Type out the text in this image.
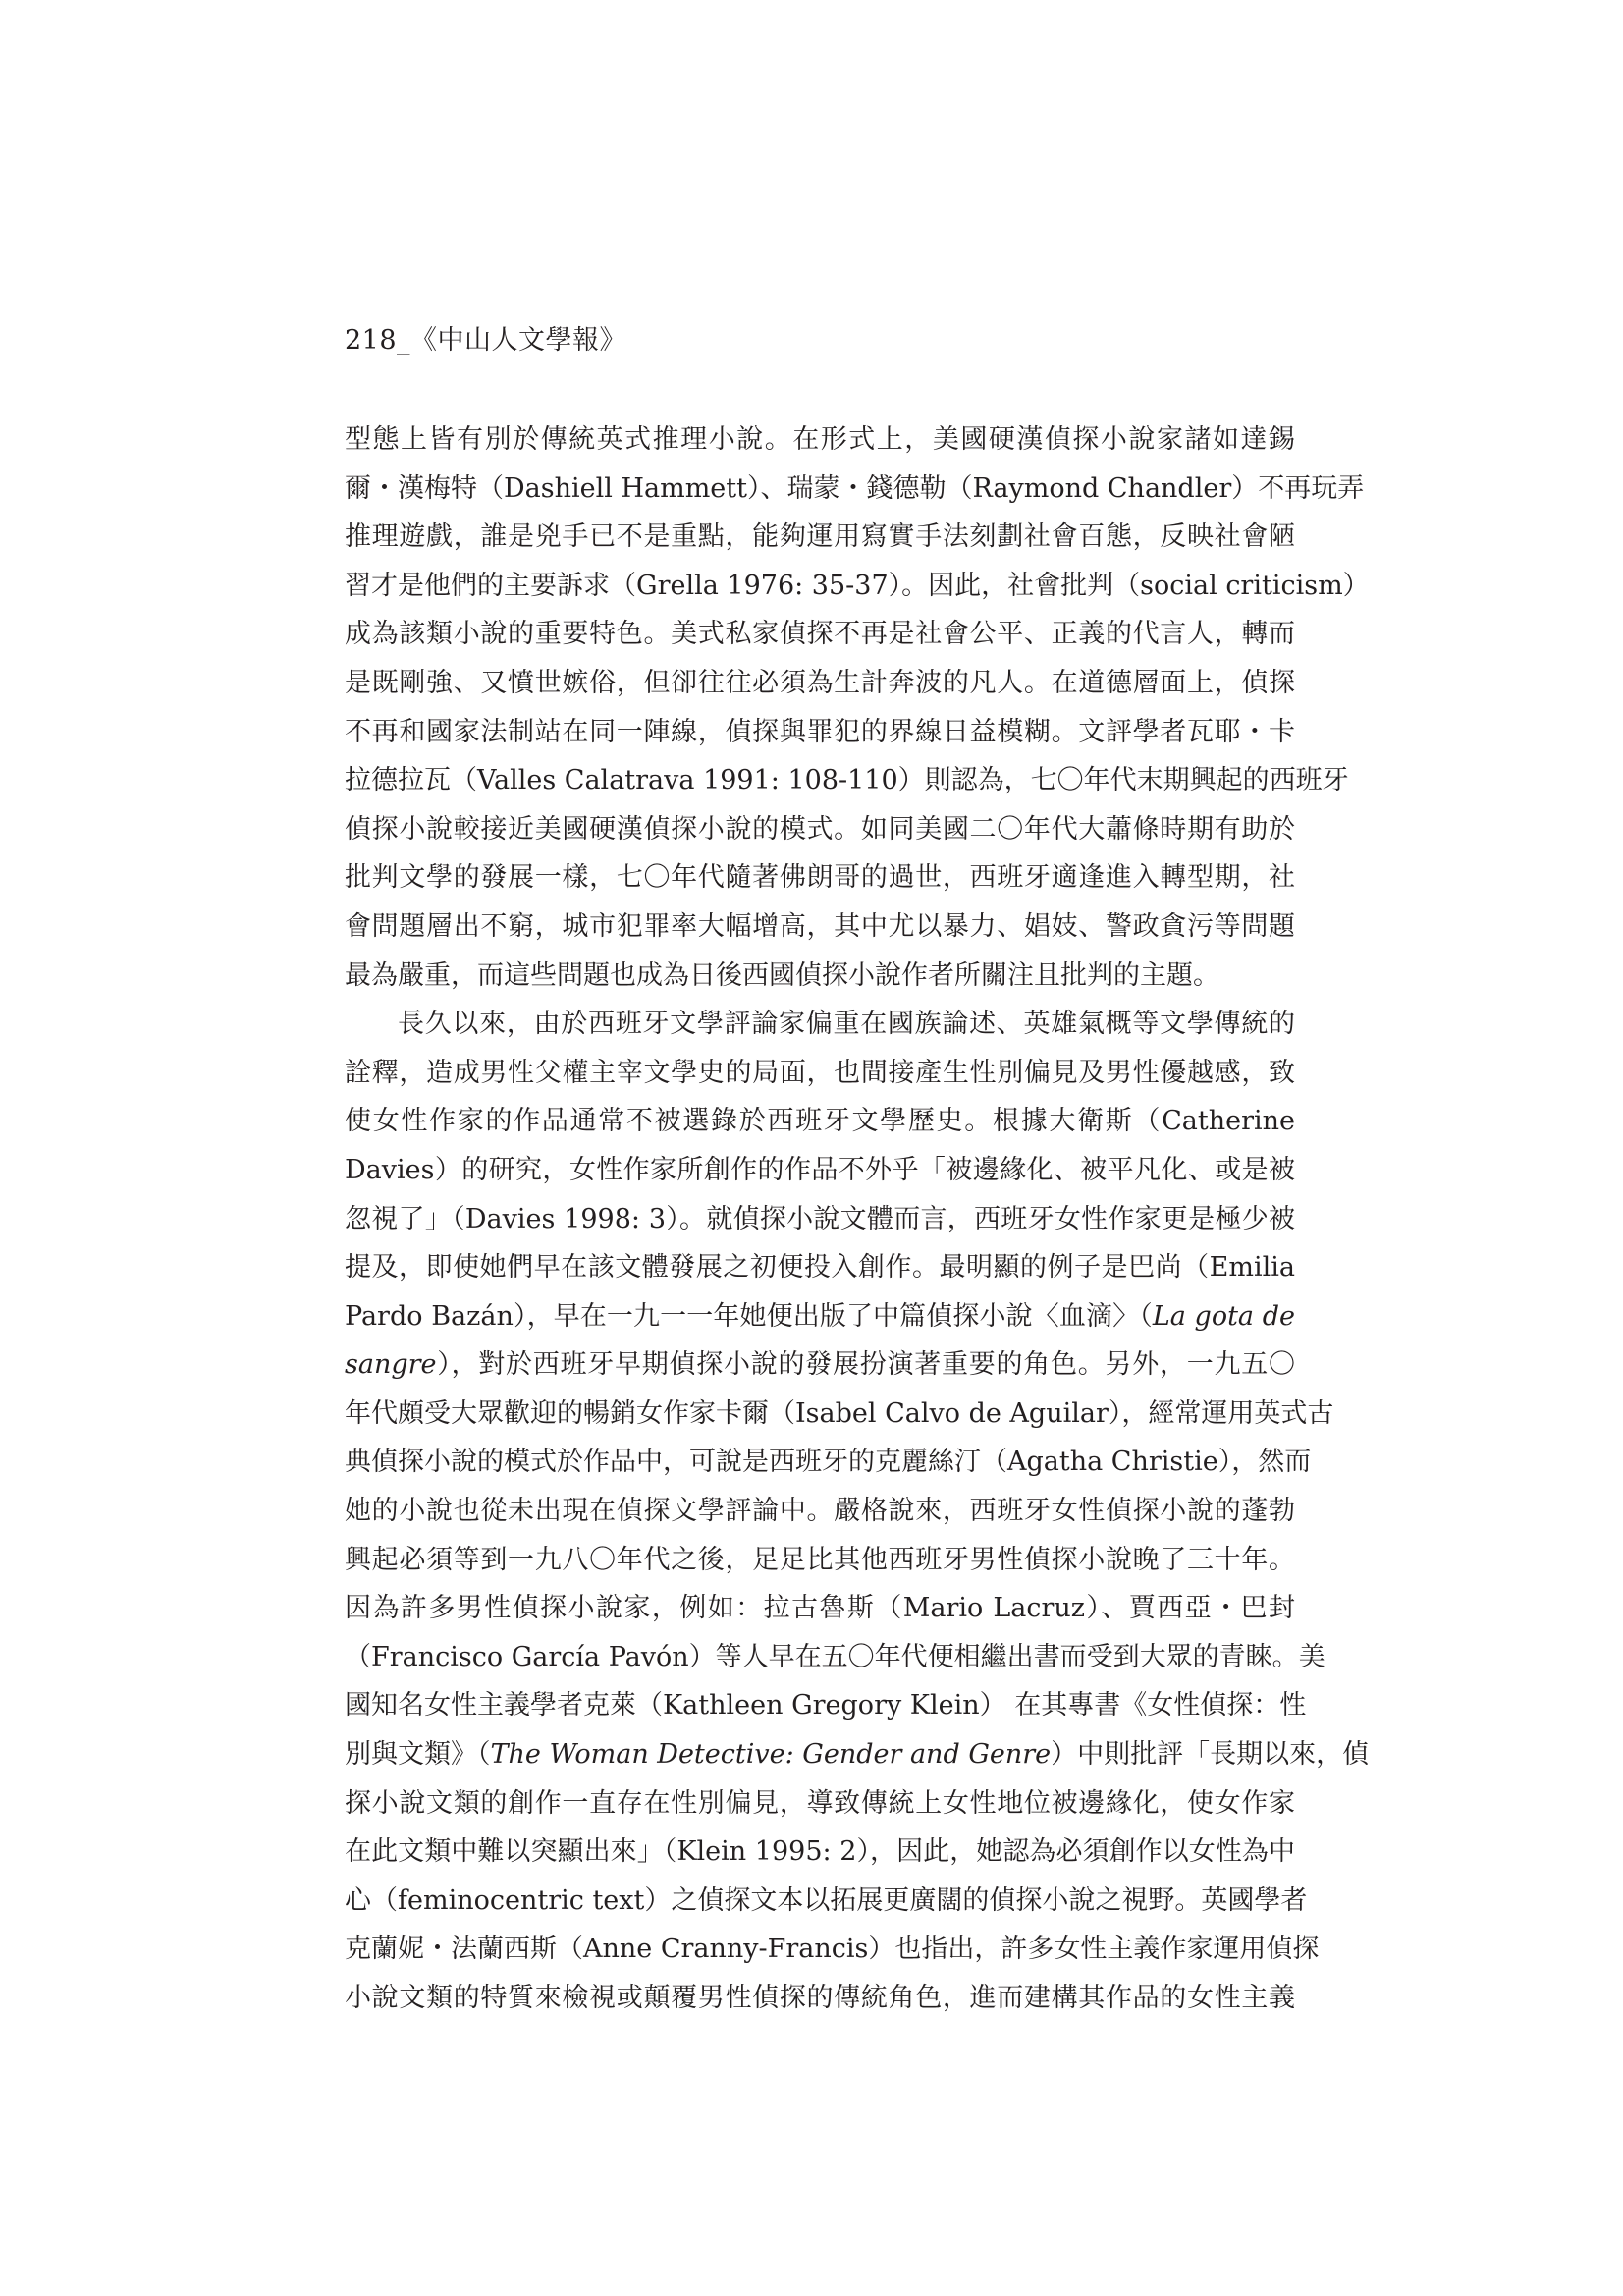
218_《中山人文學報》
型態上皆有別於傳統英式推理小說。在形式上，美國硬漢偵探小說家諸如達錫
爾・漢梅特（Dashiell Hammett）、瑞蒙・錢德勒（Raymond Chandler）不再玩弄
推理遊戲，誰是兇手已不是重點，能夠運用寫實手法刻劃社會百態，反映社會陋
習才是他們的主要訴求（Grella 1976: 35-37）。因此，社會批判（social criticism）
成為該類小說的重要特色。美式私家偵探不再是社會公平、正義的代言人，轉而
是既剛強、又憤世嫉俗，但卻往往必須為生計奔波的凡人。在道德層面上，偵探
不再和國家法制站在同一陣線，偵探與罪犯的界線日益模糊。文評學者瓦耶・卡
拉德拉瓦（Valles Calatrava 1991: 108-110）則認為，七〇年代末期興起的西班牙
偵探小說較接近美國硬漢偵探小說的模式。如同美國二〇年代大蕭條時期有助於
批判文學的發展一樣，七〇年代隨著佛朗哥的過世，西班牙適逢進入轉型期，社
會問題層出不窮，城市犯罪率大幅增高，其中尤以暴力、娼妓、警政貪污等問題
最為嚴重，而這些問題也成為日後西國偵探小說作者所關注且批判的主題。
長久以來，由於西班牙文學評論家偏重在國族論述、英雄氣概等文學傳統的
詮釋，造成男性父權主宰文學史的局面，也間接產生性別偏見及男性優越感，致
使女性作家的作品通常不被選錄於西班牙文學歷史。根據大衛斯（Catherine
Davies）的研究，女性作家所創作的作品不外乎「被邊緣化、被平凡化、或是被
忽視了」（Davies 1998: 3）。就偵探小說文體而言，西班牙女性作家更是極少被
提及，即使她們早在該文體發展之初便投入創作。最明顯的例子是巴尚（Emilia
Pardo Bazán），早在一九一一年她便出版了中篇偵探小說〈血滴〉（La gota de
sangre），對於西班牙早期偵探小說的發展扮演著重要的角色。另外，一九五〇
年代頗受大眾歡迎的暢銷女作家卡爾（Isabel Calvo de Aguilar），經常運用英式古
典偵探小說的模式於作品中，可說是西班牙的克麗絲汀（Agatha Christie），然而
她的小說也從未出現在偵探文學評論中。嚴格說來，西班牙女性偵探小說的蓬勃
興起必須等到一九八〇年代之後，足足比其他西班牙男性偵探小說晚了三十年。
因為許多男性偵探小說家，例如：拉古魯斯（Mario Lacruz）、賈西亞・巴封
（Francisco García Pavón）等人早在五〇年代便相繼出書而受到大眾的青睞。美
國知名女性主義學者克萊（Kathleen Gregory Klein） 在其專書《女性偵探：性
別與文類》（The Woman Detective: Gender and Genre）中則批評「長期以來，偵
探小說文類的創作一直存在性別偏見，導致傳統上女性地位被邊緣化，使女作家
在此文類中難以突顯出來」（Klein 1995: 2），因此，她認為必須創作以女性為中
心（feminocentric text）之偵探文本以拓展更廣闊的偵探小說之視野。英國學者
克蘭妮・法蘭西斯（Anne Cranny-Francis）也指出，許多女性主義作家運用偵探
小說文類的特質來檢視或顛覆男性偵探的傳統角色，進而建構其作品的女性主義
